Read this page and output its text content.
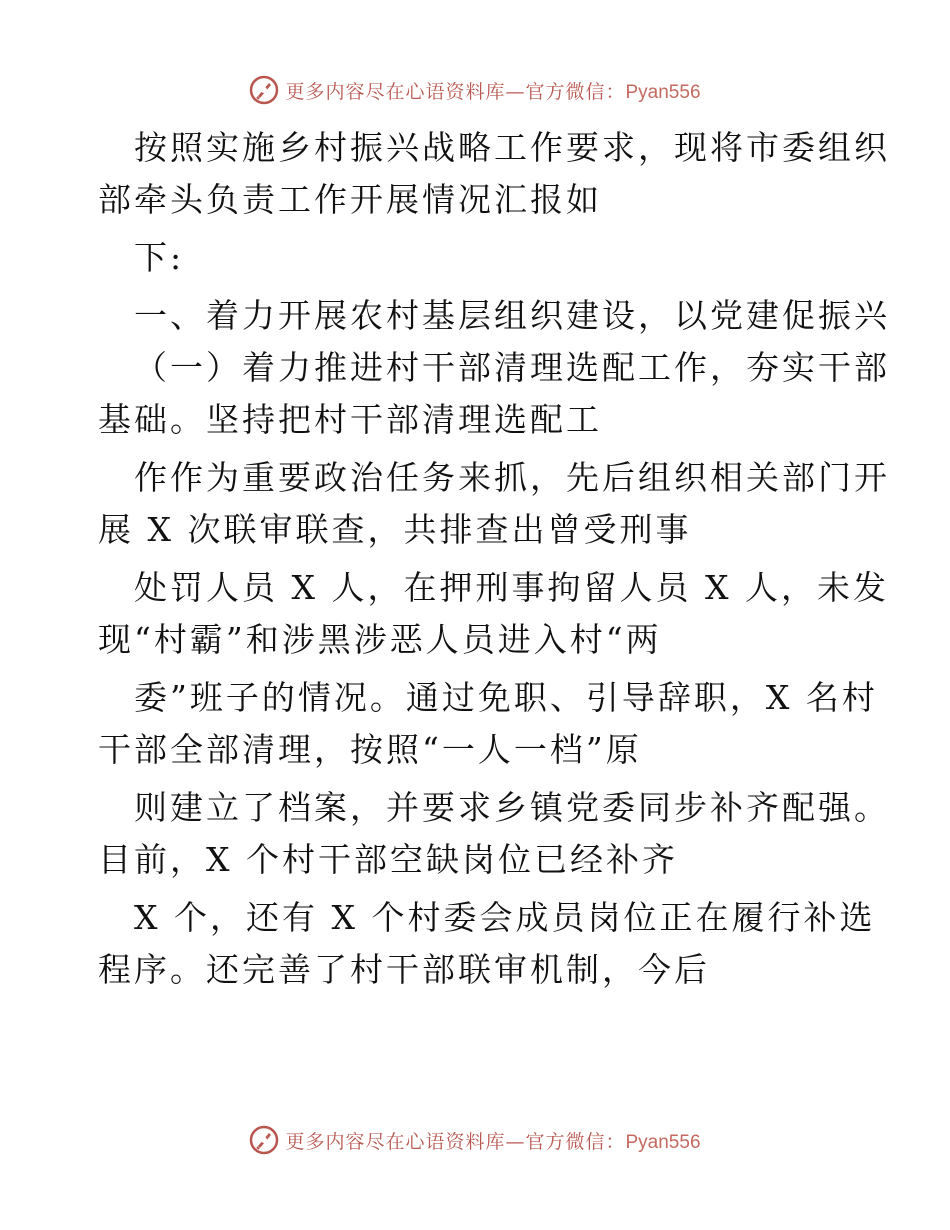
更多内容尽在心语资料库—官方微信：Pyan556
按照实施乡村振兴战略工作要求，现将市委组织
部牵头负责工作开展情况汇报如
下:
一、着力开展农村基层组织建设，以党建促振兴
（一）着力推进村干部清理选配工作，夯实干部
基础。坚持把村干部清理选配工
作作为重要政治任务来抓，先后组织相关部门开
展 X 次联审联查，共排查出曾受刑事
处罚人员 X 人，在押刑事拘留人员 X 人，未发
现“村霸”和涉黑涉恶人员进入村“两
委”班子的情况。通过免职、引导辞职，X 名村
干部全部清理，按照“一人一档”原
则建立了档案，并要求乡镇党委同步补齐配强。
目前，X 个村干部空缺岗位已经补齐
X 个，还有 X 个村委会成员岗位正在履行补选
程序。还完善了村干部联审机制，今后
更多内容尽在心语资料库—官方微信：Pyan556
